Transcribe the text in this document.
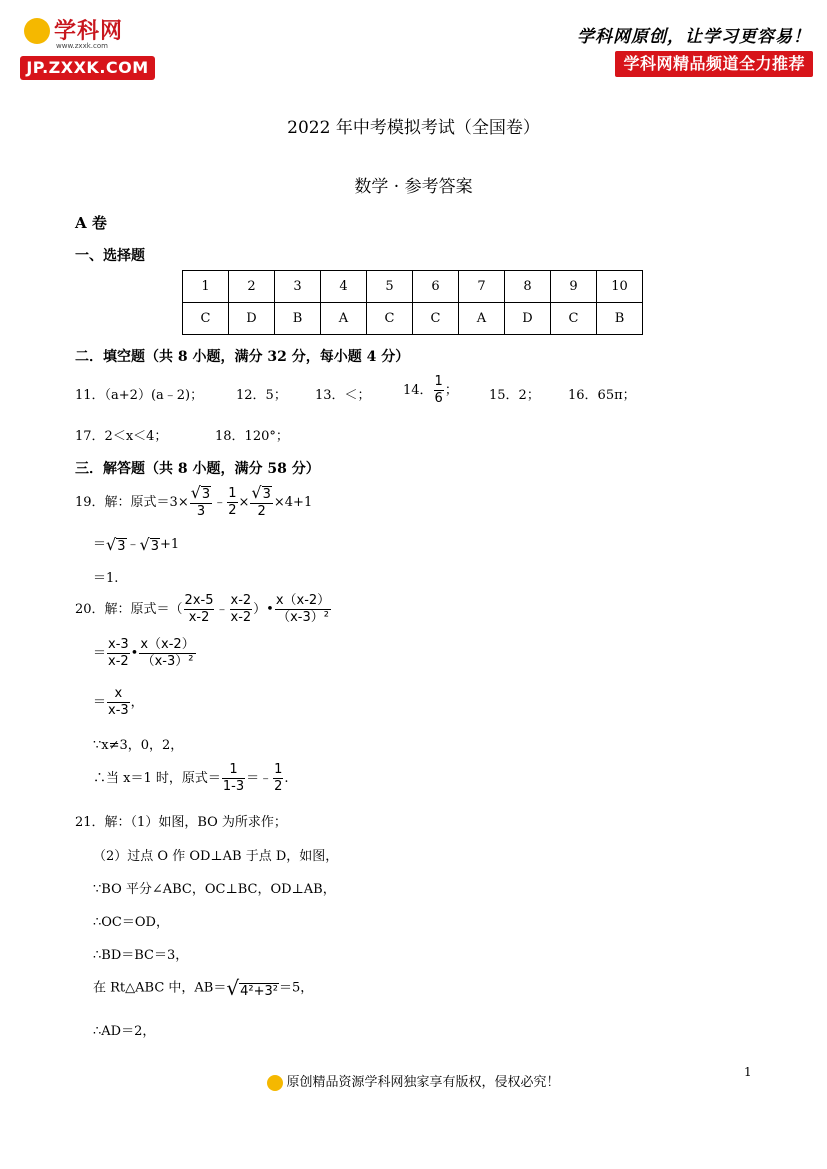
学科网
www.zxxk.com
JP.ZXXK.COM
学科网原创，让学习更容易！
学科网精品频道全力推荐
2022 年中考模拟考试（全国卷）
数学 · 参考答案
A 卷
一、选择题
1	2	3	4	5	6	7	8	9	10
C	D	B	A	C	C	A	D	C	B
二．填空题（共 8 小题，满分 32 分，每小题 4 分）
11．（a+2）(a﹣2)；	12．5； 13．＜； 14． $\frac{1}{6}$ ； 15．2； 16．65π；
17．2＜x＜4；	18．120°；
三．解答题（共 8 小题，满分 58 分）
19．解：原式$=3\times \frac{√3}{3}$ ﹣ $\frac{1}{2} \times \frac{√3}{2} \times 4+1$
＝√3﹣√3+1
＝1.
20．解：原式＝（ $\frac{2x-5}{x-2}$ ﹣ $\frac{x-2}{x-2}$ ）• $\frac{x(x-2)}{\text{（x-3）²}}$
＝ $\frac{x-3}{x-2}$ • $\frac{x(x-2)}{\text{（x-3）²}}$
＝ $\frac{x}{x-3}$ ，
∵x≠3，0，2，
∴当 x＝1 时，原式＝ $\frac{1}{1-3}$ ＝﹣ $\frac{1}{2}$ .
21．解：（1）如图，BO 为所求作；
（2）过点 O 作 OD⊥AB 于点 D，如图，
∵BO 平分∠ABC，OC⊥BC，OD⊥AB，
∴OC＝OD，
∴BD＝BC＝3，
在 Rt△ABC 中，AB＝√4²+3²＝5，
∴AD＝2，
原创精品资源学科网独家享有版权，侵权必究！
1
